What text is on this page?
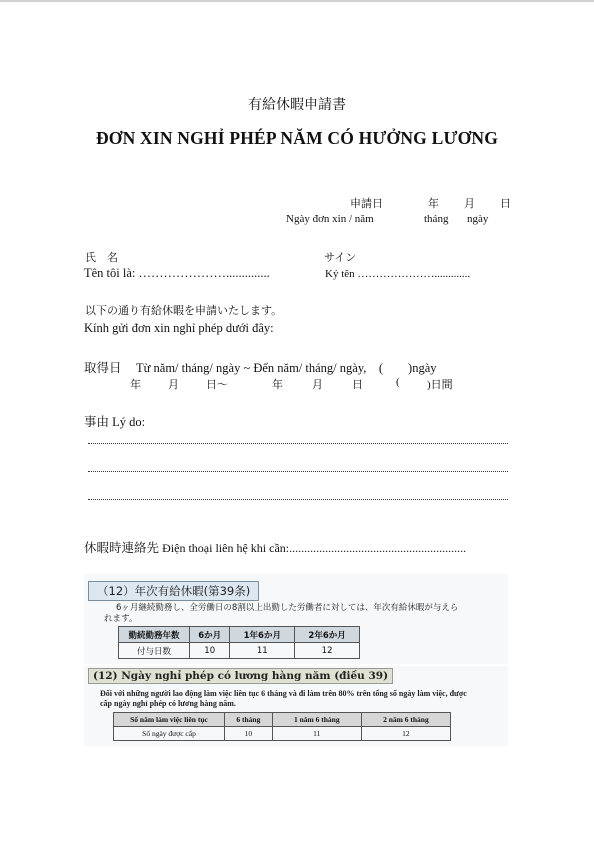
有給休暇申請書
ĐƠN XIN NGHỈ PHÉP NĂM CÓ HƯỞNG LƯƠNG
申請日	年 月 日
Ngày đơn xin / năm	tháng ngày
氏　名
Tên tôi là: …………………..............
サイン
Ký tên ………………….............
以下の通り有給休暇を申請いたします。
Kính gửi đơn xin nghỉ phép dưới đây:
取得日 Từ năm/ tháng/ ngày ~ Đến năm/ tháng/ ngày,　(　　)ngày
年 月 日～	年	月	日	( )日間
事由 Lý do:
休暇時連絡先 Điện thoại liên hệ khi cần:...........................................................
（12）年次有給休暇(第39条)
6ヶ月継続勤務し、全労働日の8割以上出勤した労働者に対しては、年次有給休暇が与えら
れます。
勤続勤務年数	6か月	1年6か月	2年6か月
付与日数	10	11	12
(12) Ngày nghỉ phép có lương hàng năm (điều 39)
Đối với những người lao động làm việc liên tục 6 tháng và đi làm trên 80% trên tổng số ngày làm việc, được
cấp ngày nghỉ phép có lương hàng năm.
Số năm làm việc liên tục	6 tháng	1 năm 6 tháng	2 năm 6 tháng
Số ngày được cấp	10	11	12
